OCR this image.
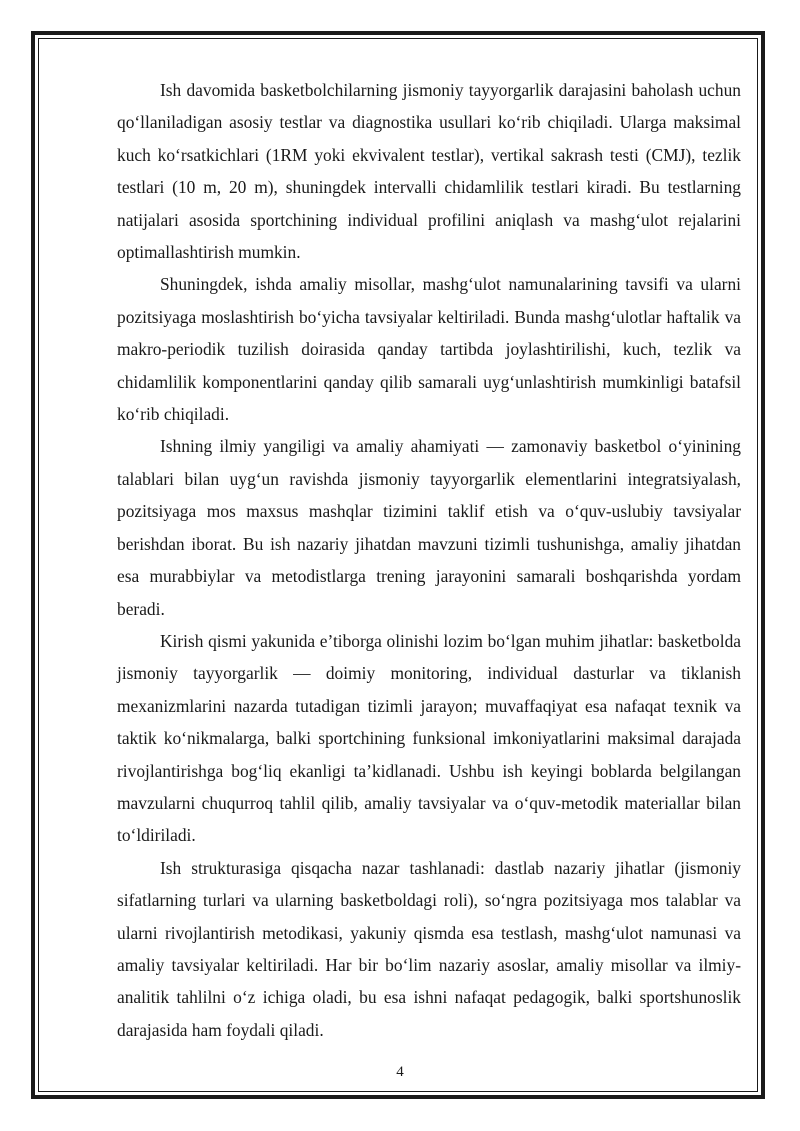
Ish davomida basketbolchilarning jismoniy tayyorgarlik darajasini baholash uchun qo‘llaniladigan asosiy testlar va diagnostika usullari ko‘rib chiqiladi. Ularga maksimal kuch ko‘rsatkichlari (1RM yoki ekvivalent testlar), vertikal sakrash testi (CMJ), tezlik testlari (10 m, 20 m), shuningdek intervalli chidamlilik testlari kiradi. Bu testlarning natijalari asosida sportchining individual profilini aniqlash va mashg‘ulot rejalarini optimallashtirish mumkin.

Shuningdek, ishda amaliy misollar, mashg‘ulot namunalarining tavsifi va ularni pozitsiyaga moslashtirish bo‘yicha tavsiyalar keltiriladi. Bunda mashg‘ulotlar haftalik va makro-periodik tuzilish doirasida qanday tartibda joylashtirilishi, kuch, tezlik va chidamlilik komponentlarini qanday qilib samarali uyg‘unlashtirish mumkinligi batafsil ko‘rib chiqiladi.

Ishning ilmiy yangiligi va amaliy ahamiyati — zamonaviy basketbol o‘yinining talablari bilan uyg‘un ravishda jismoniy tayyorgarlik elementlarini integratsiyalash, pozitsiyaga mos maxsus mashqlar tizimini taklif etish va o‘quv-uslubiy tavsiyalar berishdan iborat. Bu ish nazariy jihatdan mavzuni tizimli tushunishga, amaliy jihatdan esa murabbiylar va metodistlarga trening jarayonini samarali boshqarishda yordam beradi.

Kirish qismi yakunida e’tiborga olinishi lozim bo‘lgan muhim jihatlar: basketbolda jismoniy tayyorgarlik — doimiy monitoring, individual dasturlar va tiklanish mexanizmlarini nazarda tutadigan tizimli jarayon; muvaffaqiyat esa nafaqat texnik va taktik ko‘nikmalarga, balki sportchining funksional imkoniyatlarini maksimal darajada rivojlantirishga bog‘liq ekanligi ta’kidlanadi. Ushbu ish keyingi boblarda belgilangan mavzularni chuqurroq tahlil qilib, amaliy tavsiyalar va o‘quv-metodik materiallar bilan to‘ldiriladi.

Ish strukturasiga qisqacha nazar tashlanadi: dastlab nazariy jihatlar (jismoniy sifatlarning turlari va ularning basketboldagi roli), so‘ngra pozitsiyaga mos talablar va ularni rivojlantirish metodikasi, yakuniy qismda esa testlash, mashg‘ulot namunasi va amaliy tavsiyalar keltiriladi. Har bir bo‘lim nazariy asoslar, amaliy misollar va ilmiy-analitik tahlilni o‘z ichiga oladi, bu esa ishni nafaqat pedagogik, balki sportshunoslik darajasida ham foydali qiladi.

4
